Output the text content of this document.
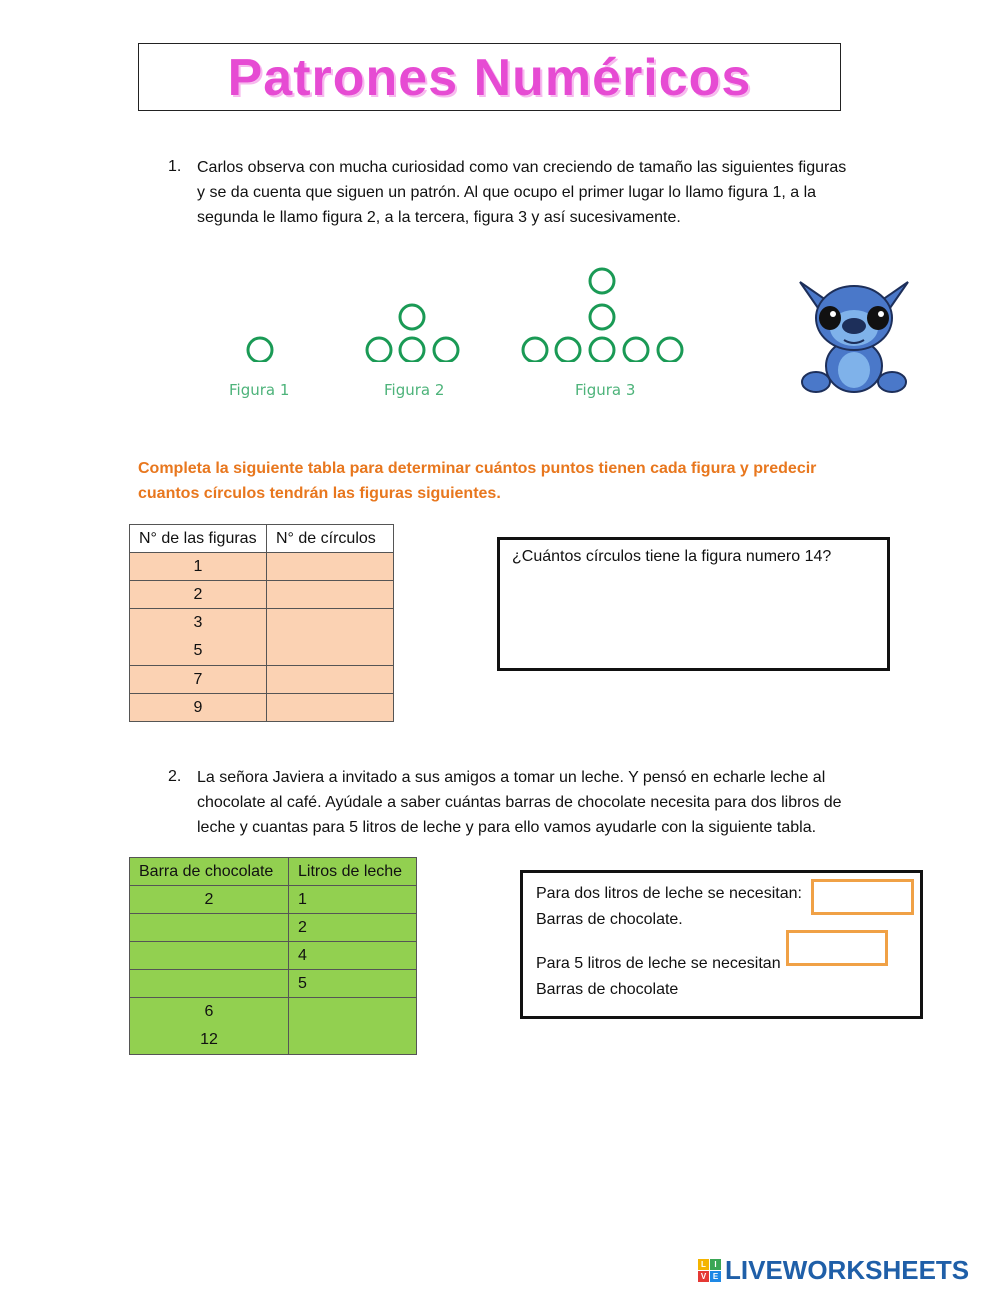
Patrones Numéricos
1. Carlos observa con mucha curiosidad como van creciendo de tamaño las siguientes figuras
y se da cuenta que siguen un patrón. Al que ocupo el primer lugar lo llamo figura 1, a la
segunda le llamo figura 2, a la tercera, figura 3 y así sucesivamente.
Figura 1	Figura 2	Figura 3
Completa la siguiente tabla para determinar cuántos puntos tienen cada figura y predecir
cuantos círculos tendrán las figuras siguientes.
N° de las figuras	N° de círculos
1	
2	

3
5	

7	
9	
¿Cuántos círculos tiene la figura numero 14?
2. La señora Javiera a invitado a sus amigos a tomar un leche. Y pensó en echarle leche al
chocolate al café. Ayúdale a saber cuántas barras de chocolate necesita para dos libros de
leche y cuantas para 5 litros de leche y para ello vamos ayudarle con la siguiente tabla.
Barra de chocolate	Litros de leche
2	1
	2
	4
	5

6
12	

Para dos litros de leche se necesitan:
Barras de chocolate.
Para 5 litros de leche se necesitan
Barras de chocolate
L	I
V E LIVEWORKSHEETS
